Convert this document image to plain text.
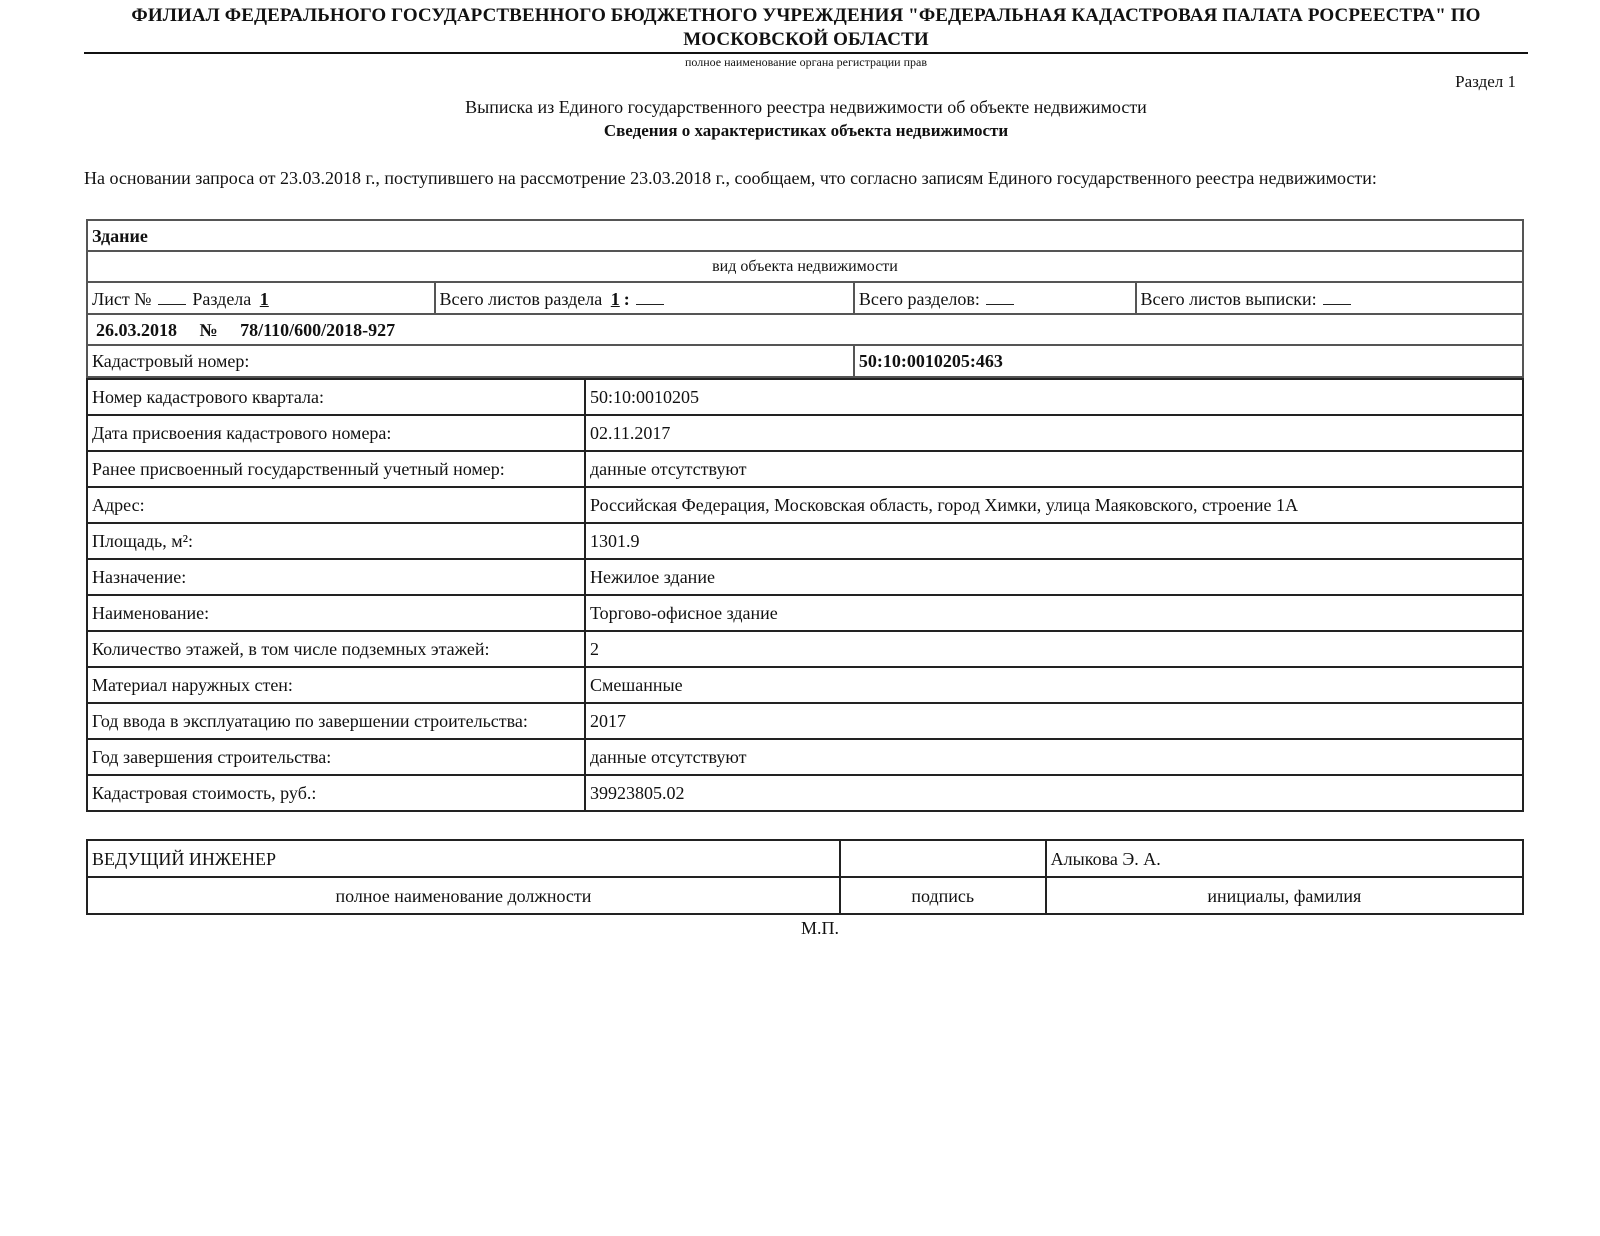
ФИЛИАЛ ФЕДЕРАЛЬНОГО ГОСУДАРСТВЕННОГО БЮДЖЕТНОГО УЧРЕЖДЕНИЯ "ФЕДЕРАЛЬНАЯ КАДАСТРОВАЯ ПАЛАТА РОСРЕЕСТРА" ПО МОСКОВСКОЙ ОБЛАСТИ
полное наименование органа регистрации прав
Раздел 1
Выписка из Единого государственного реестра недвижимости об объекте недвижимости
Сведения о характеристиках объекта недвижимости
На основании запроса от 23.03.2018 г., поступившего на рассмотрение 23.03.2018 г., сообщаем, что согласно записям Единого государственного реестра недвижимости:
Здание			
вид объекта недвижимости			
Лист № Раздела 1	Всего листов раздела 1 :	Всего разделов:	Всего листов выписки:
26.03.2018 № 78/110/600/2018-927			
Кадастровый номер:		50:10:0010205:463	
Номер кадастрового квартала:	50:10:0010205
Дата присвоения кадастрового номера:	02.11.2017
Ранее присвоенный государственный учетный номер:	данные отсутствуют
Адрес:	Российская Федерация, Московская область, город Химки, улица Маяковского, строение 1А
Площадь, м²:	1301.9
Назначение:	Нежилое здание
Наименование:	Торгово-офисное здание
Количество этажей, в том числе подземных этажей:	2
Материал наружных стен:	Смешанные
Год ввода в эксплуатацию по завершении строительства:	2017
Год завершения строительства:	данные отсутствуют
Кадастровая стоимость, руб.:	39923805.02
ВЕДУЩИЙ ИНЖЕНЕР		Алыкова Э. А.
полное наименование должности	подпись	инициалы, фамилия
М.П.
